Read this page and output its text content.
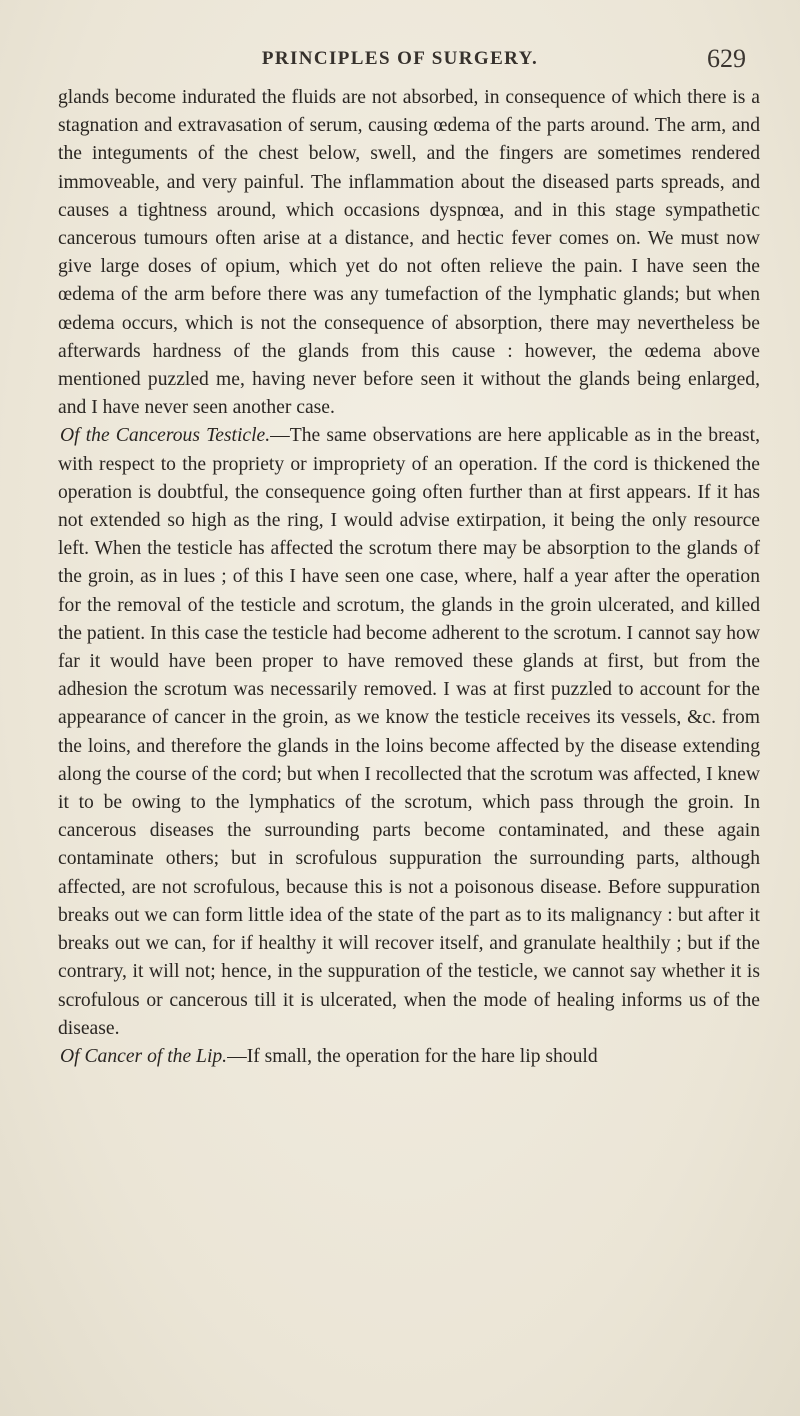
PRINCIPLES OF SURGERY.	629

glands become indurated the fluids are not absorbed, in consequence of which there is a stagnation and extravasation of serum, causing œdema of the parts around. The arm, and the integuments of the chest below, swell, and the fingers are sometimes rendered immoveable, and very painful. The inflammation about the diseased parts spreads, and causes a tightness around, which occasions dyspnœa, and in this stage sympathetic cancerous tumours often arise at a distance, and hectic fever comes on. We must now give large doses of opium, which yet do not often relieve the pain. I have seen the œdema of the arm before there was any tumefaction of the lymphatic glands; but when œdema occurs, which is not the consequence of absorption, there may nevertheless be afterwards hardness of the glands from this cause : however, the œdema above mentioned puzzled me, having never before seen it without the glands being enlarged, and I have never seen another case.

Of the Cancerous Testicle.—The same observations are here applicable as in the breast, with respect to the propriety or impropriety of an operation. If the cord is thickened the operation is doubtful, the consequence going often further than at first appears. If it has not extended so high as the ring, I would advise extirpation, it being the only resource left. When the testicle has affected the scrotum there may be absorption to the glands of the groin, as in lues ; of this I have seen one case, where, half a year after the operation for the removal of the testicle and scrotum, the glands in the groin ulcerated, and killed the patient. In this case the testicle had become adherent to the scrotum. I cannot say how far it would have been proper to have removed these glands at first, but from the adhesion the scrotum was necessarily removed. I was at first puzzled to account for the appearance of cancer in the groin, as we know the testicle receives its vessels, &c. from the loins, and therefore the glands in the loins become affected by the disease extending along the course of the cord; but when I recollected that the scrotum was affected, I knew it to be owing to the lymphatics of the scrotum, which pass through the groin. In cancerous diseases the surrounding parts become contaminated, and these again contaminate others; but in scrofulous suppuration the surrounding parts, although affected, are not scrofulous, because this is not a poisonous disease. Before suppuration breaks out we can form little idea of the state of the part as to its malignancy : but after it breaks out we can, for if healthy it will recover itself, and granulate healthily ; but if the contrary, it will not; hence, in the suppuration of the testicle, we cannot say whether it is scrofulous or cancerous till it is ulcerated, when the mode of healing informs us of the disease.

Of Cancer of the Lip.—If small, the operation for the hare lip should
